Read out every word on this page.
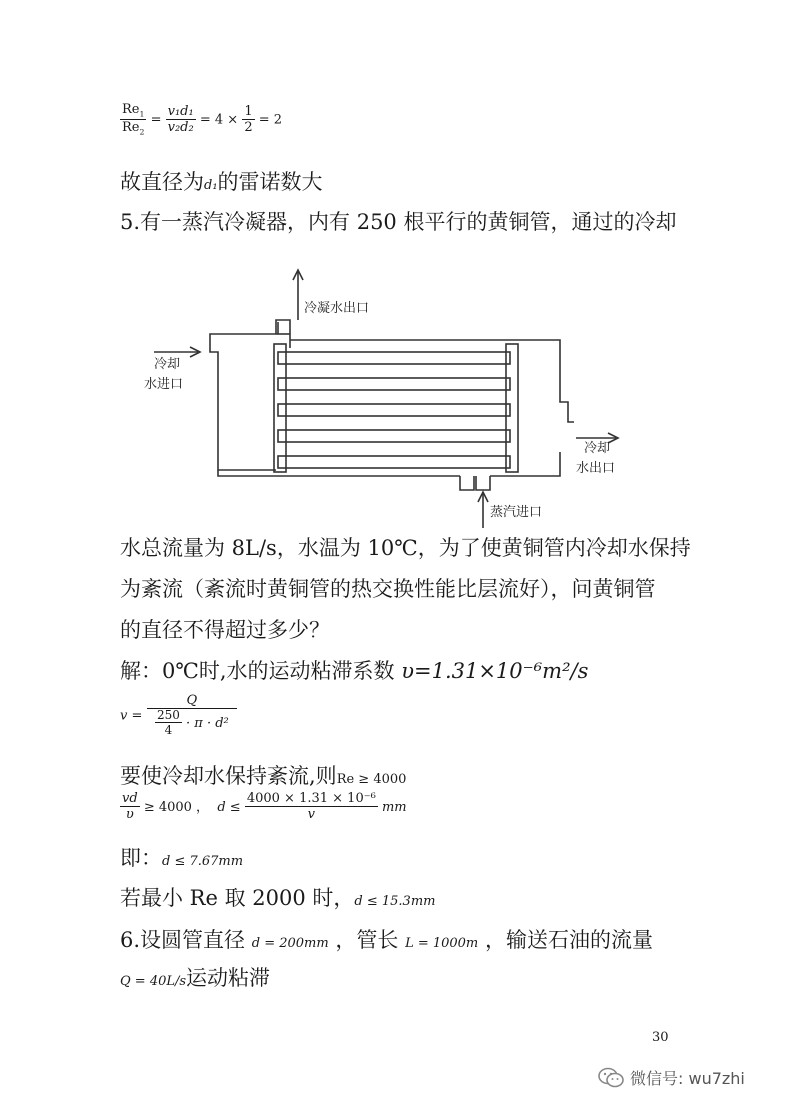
$\frac{Re_1}{Re_2} = \frac{\text{v₁d₁}}{\text{v₂d₂}} = 4 \times \frac{1}{2} = 2$
故直径为d₁的雷诺数大
5.有一蒸汽冷凝器，内有 250 根平行的黄铜管，通过的冷却
冷凝水出口
冷却
水进口
冷却
水出口
蒸汽进口
水总流量为 8L/s，水温为 10℃，为了使黄铜管内冷却水保持
为紊流（紊流时黄铜管的热交换性能比层流好），问黄铜管
的直径不得超过多少？
解：0℃时,水的运动粘滞系数 υ=1.31×10⁻⁶m²/s
$v = \frac{Q}{\frac{250}{4} \cdot \pi \cdot d^2}$
要使冷却水保持紊流,则Re ≥ 4000
$\frac{vd}{\upsilon} \ge 4000$ ， $d \le \frac{\text{4000 × 1.31 × 10⁻⁶}}{v}$ mm
即：d ≤ 7.67mm
若最小 Re 取 2000 时，d ≤ 15.3mm
6.设圆管直径 d = 200mm ，管长 L = 1000m ，输送石油的流量
Q = 40L/s运动粘滞
30
微信号: wu7zhi
